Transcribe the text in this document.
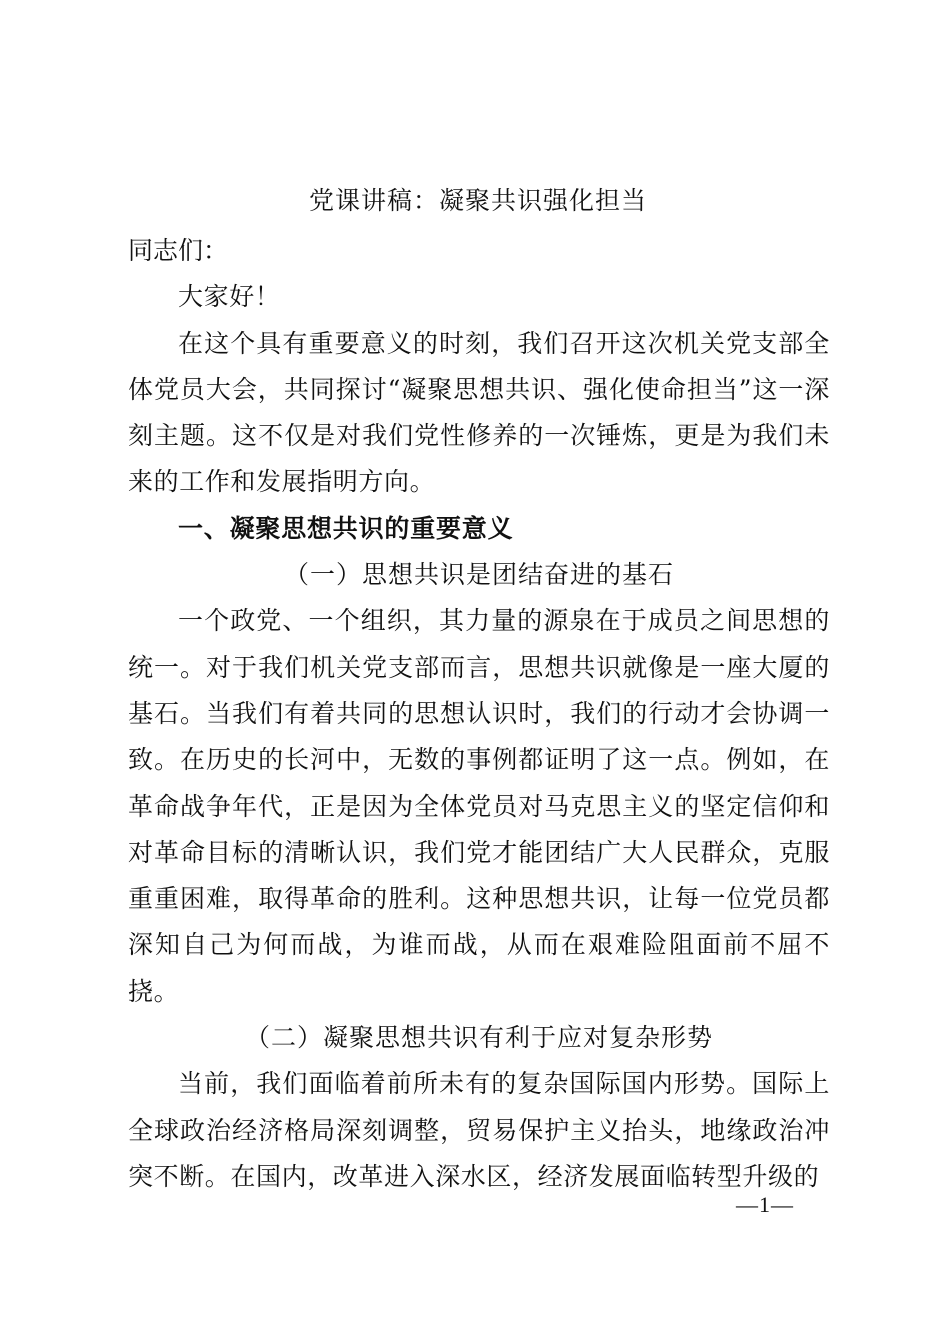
党课讲稿：凝聚共识强化担当

同志们：

大家好！

在这个具有重要意义的时刻，我们召开这次机关党支部全体党员大会，共同探讨“凝聚思想共识、强化使命担当”这一深刻主题。这不仅是对我们党性修养的一次锤炼，更是为我们未来的工作和发展指明方向。

一、凝聚思想共识的重要意义

（一）思想共识是团结奋进的基石

一个政党、一个组织，其力量的源泉在于成员之间思想的统一。对于我们机关党支部而言，思想共识就像是一座大厦的基石。当我们有着共同的思想认识时，我们的行动才会协调一致。在历史的长河中，无数的事例都证明了这一点。例如，在革命战争年代，正是因为全体党员对马克思主义的坚定信仰和对革命目标的清晰认识，我们党才能团结广大人民群众，克服重重困难，取得革命的胜利。这种思想共识，让每一位党员都深知自己为何而战，为谁而战，从而在艰难险阻面前不屈不挠。

（二）凝聚思想共识有利于应对复杂形势

当前，我们面临着前所未有的复杂国际国内形势。国际上全球政治经济格局深刻调整，贸易保护主义抬头，地缘政治冲突不断。在国内，改革进入深水区，经济发展面临转型升级的

—1—
